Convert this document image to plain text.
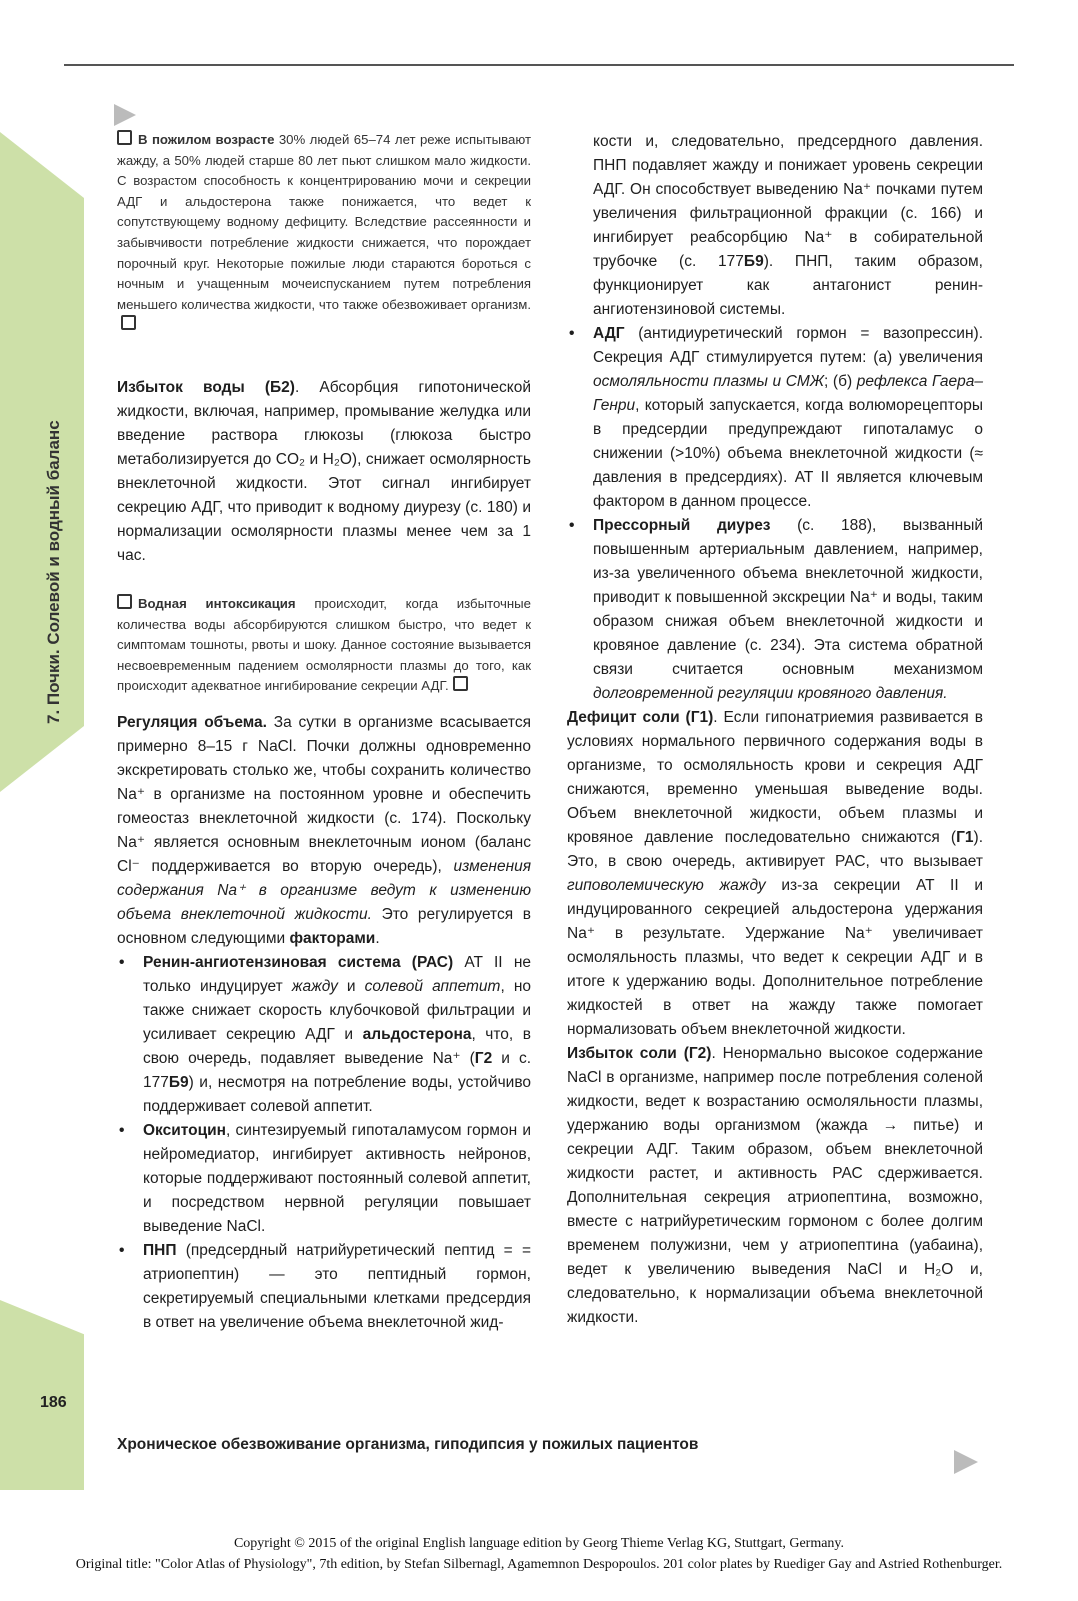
7. Почки. Солевой и водный баланс
186

В пожилом возрасте 30% людей 65–74 лет реже испытывают жажду, а 50% людей старше 80 лет пьют слишком мало жидкости. С возрастом способность к концентрированию мочи и секреции АДГ и альдостерона также понижается, что ведет к сопутствующему водному дефициту. Вследствие рассеянности и забывчивости потребление жидкости снижается, что порождает порочный круг. Некоторые пожилые люди стараются бороться с ночным и учащенным мочеиспусканием путем потребления меньшего количества жидкости, что также обезвоживает организм.

Избыток воды (Б2). Абсорбция гипотонической жидкости, включая, например, промывание желудка или введение раствора глюкозы (глюкоза быстро метаболизируется до CO₂ и H₂O), снижает осмолярность внеклеточной жидкости. Этот сигнал ингибирует секрецию АДГ, что приводит к водному диурезу (с. 180) и нормализации осмолярности плазмы менее чем за 1 час.

Водная интоксикация происходит, когда избыточные количества воды абсорбируются слишком быстро, что ведет к симптомам тошноты, рвоты и шоку. Данное состояние вызывается несвоевременным падением осмолярности плазмы до того, как происходит адекватное ингибирование секреции АДГ.

Регуляция объема. За сутки в организме всасывается примерно 8–15 г NaCl. Почки должны одновременно экскретировать столько же, чтобы сохранить количество Na⁺ в организме на постоянном уровне и обеспечить гомеостаз внеклеточной жидкости (с. 174). Поскольку Na⁺ является основным внеклеточным ионом (баланс Cl⁻ поддерживается во вторую очередь), изменения содержания Na⁺ в организме ведут к изменению объема внеклеточной жидкости. Это регулируется в основном следующими факторами.

• Ренин-ангиотензиновая система (РАС) AT II не только индуцирует жажду и солевой аппетит, но также снижает скорость клубочковой фильтрации и усиливает секрецию АДГ и альдостерона, что, в свою очередь, подавляет выведение Na⁺ (Г2 и с. 177Б9) и, несмотря на потребление воды, устойчиво поддерживает солевой аппетит.
• Окситоцин, синтезируемый гипоталамусом гормон и нейромедиатор, ингибирует активность нейронов, которые поддерживают постоянный солевой аппетит, и посредством нервной регуляции повышает выведение NaCl.
• ПНП (предсердный натрийуретический пептид = = атриопептин) — это пептидный гормон, секретируемый специальными клетками предсердия в ответ на увеличение объема внеклеточной жид-

кости и, следовательно, предсердного давления. ПНП подавляет жажду и понижает уровень секреции АДГ. Он способствует выведению Na⁺ почками путем увеличения фильтрационной фракции (с. 166) и ингибирует реабсорбцию Na⁺ в собирательной трубочке (с. 177Б9). ПНП, таким образом, функционирует как антагонист ренин-ангиотензиновой системы.

• АДГ (антидиуретический гормон = вазопрессин). Секреция АДГ стимулируется путем: (а) увеличения осмоляльности плазмы и СМЖ; (б) рефлекса Гаера–Генри, который запускается, когда волюморецепторы в предсердии предупреждают гипоталамус о снижении (>10%) объема внеклеточной жидкости (≈ давления в предсердиях). AT II является ключевым фактором в данном процессе.
• Прессорный диурез (с. 188), вызванный повышенным артериальным давлением, например, из-за увеличенного объема внеклеточной жидкости, приводит к повышенной экскреции Na⁺ и воды, таким образом снижая объем внеклеточной жидкости и кровяное давление (с. 234). Эта система обратной связи считается основным механизмом долговременной регуляции кровяного давления.

Дефицит соли (Г1). Если гипонатриемия развивается в условиях нормального первичного содержания воды в организме, то осмоляльность крови и секреция АДГ снижаются, временно уменьшая выведение воды. Объем внеклеточной жидкости, объем плазмы и кровяное давление последовательно снижаются (Г1). Это, в свою очередь, активирует РАС, что вызывает гиповолемическую жажду из-за секреции AT II и индуцированного секрецией альдостерона удержания Na⁺ в результате. Удержание Na⁺ увеличивает осмоляльность плазмы, что ведет к секреции АДГ и в итоге к удержанию воды. Дополнительное потребление жидкостей в ответ на жажду также помогает нормализовать объем внеклеточной жидкости.

Избыток соли (Г2). Ненормально высокое содержание NaCl в организме, например после потребления соленой жидкости, ведет к возрастанию осмоляльности плазмы, удержанию воды организмом (жажда → питье) и секреции АДГ. Таким образом, объем внеклеточной жидкости растет, и активность РАС сдерживается. Дополнительная секреция атриопептина, возможно, вместе с натрийуретическим гормоном с более долгим временем полужизни, чем у атриопептина (уабаина), ведет к увеличению выведения NaCl и H₂O и, следовательно, к нормализации объема внеклеточной жидкости.

Хроническое обезвоживание организма, гиподипсия у пожилых пациентов
Copyright © 2015 of the original English language edition by Georg Thieme Verlag KG, Stuttgart, Germany.
Original title: "Color Atlas of Physiology", 7th edition, by Stefan Silbernagl, Agamemnon Despopoulos. 201 color plates by Ruediger Gay and Astried Rothenburger.
